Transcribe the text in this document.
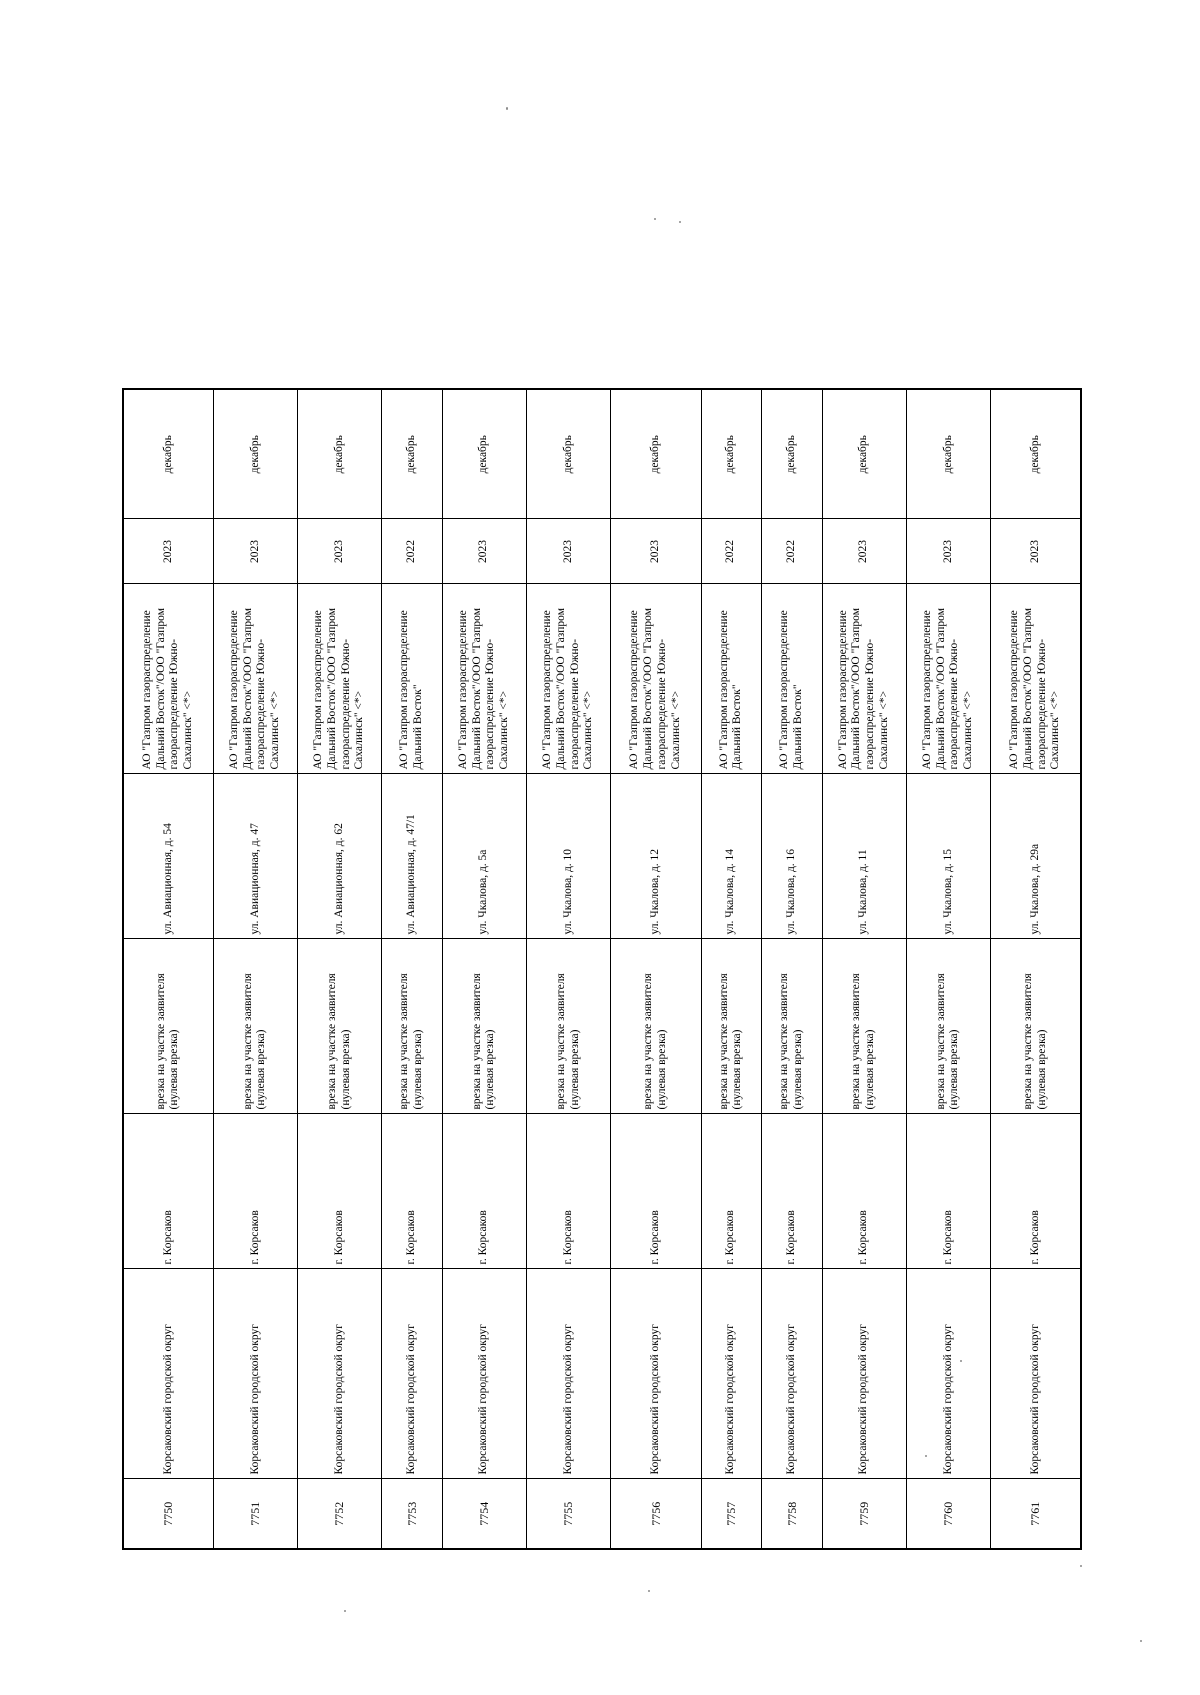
7750	Корсаковский городской округ	г. Корсаков	врезка на участке заявителя (нулевая врезка)	ул. Авиационная, д. 54	АО "Газпром газораспределение Дальний Восток"/ООО "Газпром газораспределение Южно-Сахалинск" <*>	2023	декабрь
7751	Корсаковский городской округ	г. Корсаков	врезка на участке заявителя (нулевая врезка)	ул. Авиационная, д. 47	АО "Газпром газораспределение Дальний Восток"/ООО "Газпром газораспределение Южно-Сахалинск" <*>	2023	декабрь
7752	Корсаковский городской округ	г. Корсаков	врезка на участке заявителя (нулевая врезка)	ул. Авиационная, д. 62	АО "Газпром газораспределение Дальний Восток"/ООО "Газпром газораспределение Южно-Сахалинск" <*>	2023	декабрь
7753	Корсаковский городской округ	г. Корсаков	врезка на участке заявителя (нулевая врезка)	ул. Авиационная, д. 47/1	АО "Газпром газораспределение Дальний Восток"	2022	декабрь
7754	Корсаковский городской округ	г. Корсаков	врезка на участке заявителя (нулевая врезка)	ул. Чкалова, д. 5а	АО "Газпром газораспределение Дальний Восток"/ООО "Газпром газораспределение Южно-Сахалинск" <*>	2023	декабрь
7755	Корсаковский городской округ	г. Корсаков	врезка на участке заявителя (нулевая врезка)	ул. Чкалова, д. 10	АО "Газпром газораспределение Дальний Восток"/ООО "Газпром газораспределение Южно-Сахалинск" <*>	2023	декабрь
7756	Корсаковский городской округ	г. Корсаков	врезка на участке заявителя (нулевая врезка)	ул. Чкалова, д. 12	АО "Газпром газораспределение Дальний Восток"/ООО "Газпром газораспределение Южно-Сахалинск" <*>	2023	декабрь
7757	Корсаковский городской округ	г. Корсаков	врезка на участке заявителя (нулевая врезка)	ул. Чкалова, д. 14	АО "Газпром газораспределение Дальний Восток"	2022	декабрь
7758	Корсаковский городской округ	г. Корсаков	врезка на участке заявителя (нулевая врезка)	ул. Чкалова, д. 16	АО "Газпром газораспределение Дальний Восток"	2022	декабрь
7759	Корсаковский городской округ	г. Корсаков	врезка на участке заявителя (нулевая врезка)	ул. Чкалова, д. 11	АО "Газпром газораспределение Дальний Восток"/ООО "Газпром газораспределение Южно-Сахалинск" <*>	2023	декабрь
7760	Корсаковский городской округ	г. Корсаков	врезка на участке заявителя (нулевая врезка)	ул. Чкалова, д. 15	АО "Газпром газораспределение Дальний Восток"/ООО "Газпром газораспределение Южно-Сахалинск" <*>	2023	декабрь
7761	Корсаковский городской округ	г. Корсаков	врезка на участке заявителя (нулевая врезка)	ул. Чкалова, д. 29а	АО "Газпром газораспределение Дальний Восток"/ООО "Газпром газораспределение Южно-Сахалинск" <*>	2023	декабрь
